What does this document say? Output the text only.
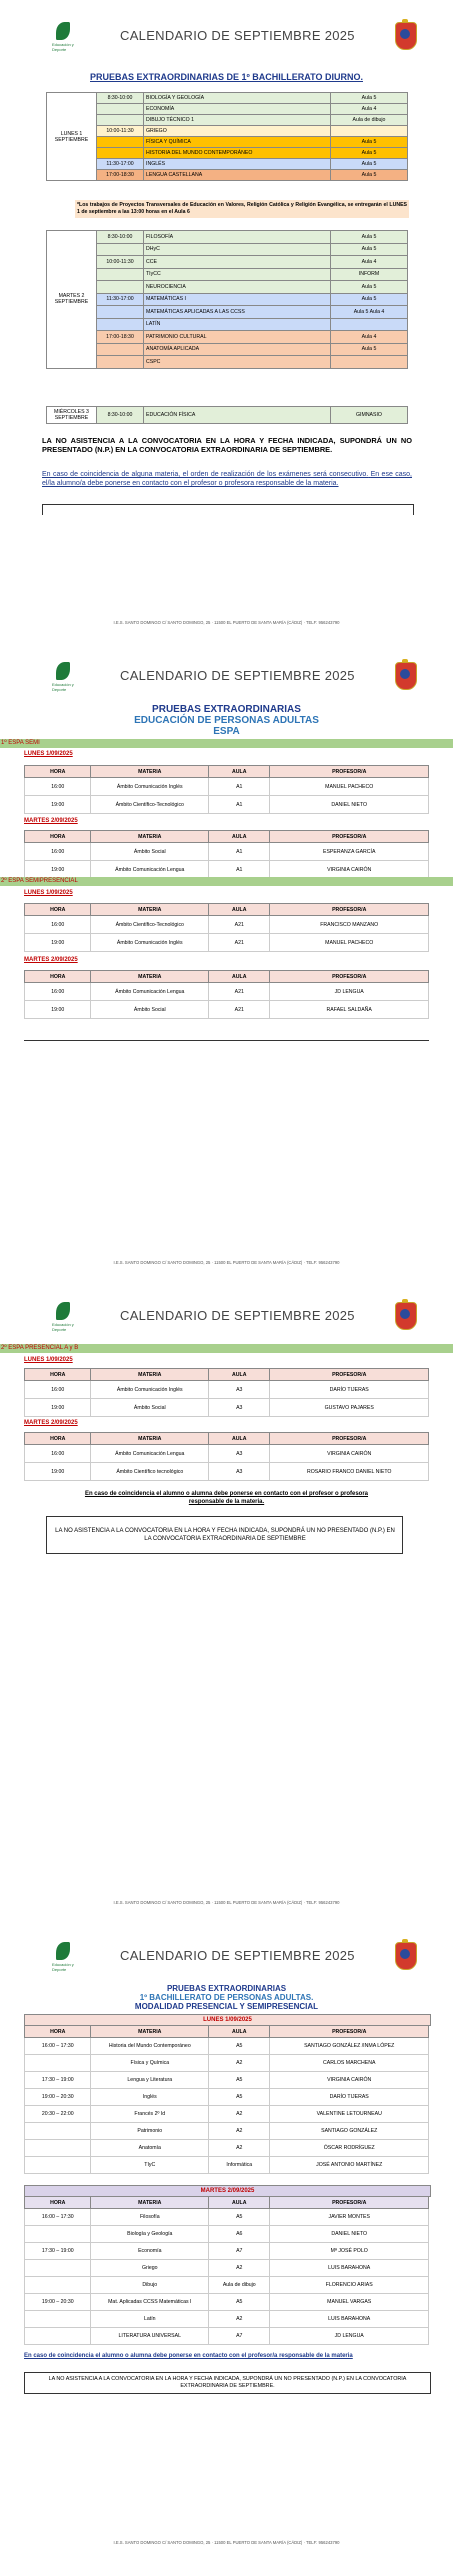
Educación y Deporte
CALENDARIO DE SEPTIEMBRE 2025
PRUEBAS EXTRAORDINARIAS DE 1º BACHILLERATO DIURNO.
LUNES 1 SEPTIEMBRE	8:30-10:00	BIOLOGÍA Y GEOLOGÍA	Aula 5
		ECONOMÍA	Aula 4
		DIBUJO TÉCNICO 1	Aula de dibujo
	10:00-11:30	GRIEGO	
		FÍSICA Y QUÍMICA	Aula 5
		HISTORIA DEL MUNDO CONTEMPORÁNEO	Aula 5
	11:30-17:00	INGLÉS	Aula 5
	17:00-18:30	LENGUA CASTELLANA	Aula 5
*Los trabajos de Proyectos Transversales de Educación en Valores, Religión Católica y Religión Evangélica, se entregarán el LUNES 1 de septiembre a las 13:00 horas en el Aula 6
MARTES 2 SEPTIEMBRE	8:30-10:00	FILOSOFÍA	Aula 5
		DHyC	Aula 5
	10:00-11:30	CCE	Aula 4
		TIyCC	INFORM
		NEUROCIENCIA	Aula 5
	11:30-17:00	MATEMÁTICAS I	Aula 5
		MATEMÁTICAS APLICADAS A LAS CCSS	Aula 5 Aula 4
		LATÍN	
	17:00-18:30	PATRIMONIO CULTURAL	Aula 4
		ANATOMÍA APLICADA	Aula 5
		CSPC	
MIÉRCOLES 3 SEPTIEMBRE	8:30-10:00	EDUCACIÓN FÍSICA	GIMNASIO
LA NO ASISTENCIA A LA CONVOCATORIA EN LA HORA Y FECHA INDICADA, SUPONDRÁ UN NO PRESENTADO (N.P.) EN LA CONVOCATORIA EXTRAORDINARIA DE SEPTIEMBRE.
En caso de coincidencia de alguna materia, el orden de realización de los exámenes será consecutivo. En ese caso, el/la alumno/a debe ponerse en contacto con el profesor o profesora responsable de la materia.
I.E.S. SANTO DOMINGO C/ SANTO DOMINGO, 25 · 11500 EL PUERTO DE SANTA MARÍA (CÁDIZ) · TELF: 956243790
Educación y Deporte
CALENDARIO DE SEPTIEMBRE 2025
PRUEBAS EXTRAORDINARIAS
EDUCACIÓN DE PERSONAS ADULTAS
ESPA
1º ESPA SEMI
LUNES 1/09/2025
HORA	MATERIA	AULA	PROFESOR/A
16:00	Ámbito Comunicación Inglés	A1	MANUEL PACHECO
19:00	Ámbito Científico-Tecnológico	A1	DANIEL NIETO
MARTES 2/09/2025
HORA	MATERIA	AULA	PROFESOR/A
16:00	Ámbito Social	A1	ESPERANZA GARCÍA
19:00	Ámbito Comunicación Lengua	A1	VIRGINIA CAIRÓN
2º ESPA SEMIPRESENCIAL
LUNES 1/09/2025
HORA	MATERIA	AULA	PROFESOR/A
16:00	Ámbito Científico-Tecnológico	A21	FRANCISCO MANZANO
19:00	Ámbito Comunicación Inglés	A21	MANUEL PACHECO
MARTES 2/09/2025
HORA	MATERIA	AULA	PROFESOR/A
16:00	Ámbito Comunicación Lengua	A21	JD LENGUA
19:00	Ámbito Social	A21	RAFAEL SALDAÑA
I.E.S. SANTO DOMINGO C/ SANTO DOMINGO, 25 · 11500 EL PUERTO DE SANTA MARÍA (CÁDIZ) · TELF: 956243790
Educación y Deporte
CALENDARIO DE SEPTIEMBRE 2025
2º ESPA PRESENCIAL A y B
LUNES 1/09/2025
HORA	MATERIA	AULA	PROFESOR/A
16:00	Ámbito Comunicación Inglés	A3	DARÍO TIJERAS
19:00	Ámbito Social	A3	GUSTAVO PAJARES
MARTES 2/09/2025
HORA	MATERIA	AULA	PROFESOR/A
16:00	Ámbito Comunicación Lengua	A3	VIRGINIA CAIRÓN
19:00	Ámbito Científico tecnológico	A3	ROSARIO FRANCO DANIEL NIETO
En caso de coincidencia el alumno o alumna debe ponerse en contacto con el profesor o profesora responsable de la materia.
LA NO ASISTENCIA A LA CONVOCATORIA EN LA HORA Y FECHA INDICADA, SUPONDRÁ UN NO PRESENTADO (N.P.) EN LA CONVOCATORIA EXTRAORDINARIA DE SEPTIEMBRE
I.E.S. SANTO DOMINGO C/ SANTO DOMINGO, 25 · 11500 EL PUERTO DE SANTA MARÍA (CÁDIZ) · TELF: 956243790
Educación y Deporte
CALENDARIO DE SEPTIEMBRE 2025
PRUEBAS EXTRAORDINARIAS
1º BACHILLERATO DE PERSONAS ADULTAS.
MODALIDAD PRESENCIAL Y SEMIPRESENCIAL
LUNES 1/09/2025
HORA	MATERIA	AULA	PROFESOR/A
16:00 – 17:30	Historia del Mundo Contemporáneo	A5	SANTIAGO GONZÁLEZ /INMA LÓPEZ
	Física y Química	A2	CARLOS MARCHENA
17:30 – 19:00	Lengua y Literatura	A5	VIRGINIA CAIRÓN
19:00 – 20:30	Inglés	A5	DARÍO TIJERAS
20:30 – 22:00	Francés 2º Id	A2	VALENTINE LETOURNEAU
	Patrimonio	A2	SANTIAGO GONZÁLEZ
	Anatomía	A2	ÓSCAR RODRÍGUEZ
	TIyC	Informática	JOSÉ ANTONIO MARTÍNEZ
MARTES 2/09/2025
HORA	MATERIA	AULA	PROFESOR/A
16:00 – 17:30	Filosofía	A5	JAVIER MONTES
	Biología y Geología	A6	DANIEL NIETO
17:30 – 19:00	Economía	A7	Mª JOSÉ POLO
	Griego	A2	LUIS BARAHONA
	Dibujo	Aula de dibujo	FLORENCIO ARIAS
19:00 – 20:30	Mat. Aplicadas CCSS Matemáticas I	A5	MANUEL VARGAS
	Latín	A2	LUIS BARAHONA
	LITERATURA UNIVERSAL	A7	JD LENGUA
En caso de coincidencia el alumno o alumna debe ponerse en contacto con el profesor/a responsable de la materia
LA NO ASISTENCIA A LA CONVOCATORIA EN LA HORA Y FECHA INDICADA, SUPONDRÁ UN NO PRESENTADO (N.P.) EN LA CONVOCATORIA EXTRAORDINARIA DE SEPTIEMBRE.
I.E.S. SANTO DOMINGO C/ SANTO DOMINGO, 25 · 11500 EL PUERTO DE SANTA MARÍA (CÁDIZ) · TELF: 956243790
